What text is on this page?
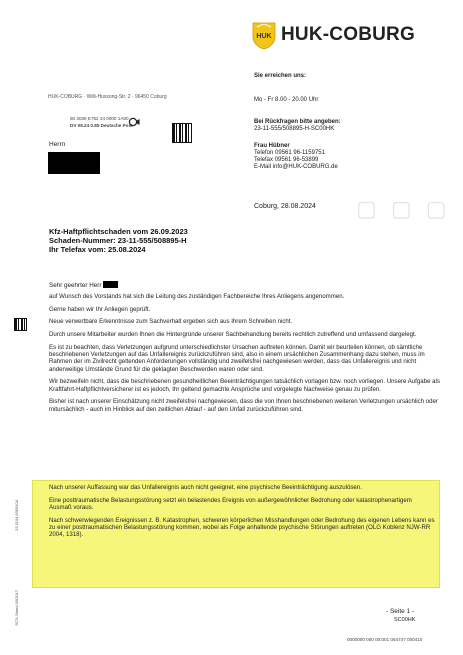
HUK HUK-COBURG
HUK-COBURG · Willi-Hussong-Str. 2 · 96450 Coburg
50 3039 E752 34 0000 1A80
DV 08.24 0.85 Deutsche Post
Herrn
Sie erreichen uns:
Mo - Fr 8.00 - 20.00 Uhr
Bei Rückfragen bitte angeben:
23-11-555/508895-H-SC00HK
Frau Hübner
Telefon 09561 96-1159751
Telefax 09561 96-53899
E-Mail info@HUK-COBURG.de
Coburg, 28.08.2024 ▢ ▢ ▢
Kfz-Haftpflichtschaden vom 26.09.2023
Schaden-Nummer: 23-11-555/508895-H
Ihr Telefax vom: 25.08.2024
Sehr geehrter Herr

auf Wunsch des Vorstands hat sich die Leitung des zuständigen Fachbereiche Ihres Anliegens angenommen.

Gerne haben wir Ihr Anliegen geprüft.

Neue verwertbare Erkenntnisse zum Sachverhalt ergeben sich aus Ihrem Schreiben nicht.

Durch unsere Mitarbeiter wurden Ihnen die Hintergründe unserer Sachbehandlung bereits rechtlich zutreffend und umfassend dargelegt.

Es ist zu beachten, dass Verletzungen aufgrund unterschiedlichster Ursachen auftreten können. Damit wir beurteilen können, ob sämtliche beschriebenen Verletzungen auf das Unfallereignis zurückzuführen sind, also in einem ursächlichen Zusammenhang dazu stehen, muss im Rahmen der im Zivilrecht geltenden Anforderungen vollständig und zweifelsfrei nachgewiesen werden, dass das Unfallereignis und nicht anderweitige Umstände Grund für die geklagten Beschwerden waren oder sind.

Wir bezweifeln nicht, dass die beschriebenen gesundheitlichen Beeinträchtigungen tatsächlich vorlagen bzw. noch vorliegen. Unsere Aufgabe als Kraftfahrt-Haftpflichtversicherer ist es jedoch, Ihr geltend gemachte Ansprüche und vorgelegte Nachweise genau zu prüfen.

Bisher ist nach unserer Einschätzung nicht zweifelsfrei nachgewiesen, dass die von Ihnen beschriebenen weiteren Verletzungen ursächlich oder mitursächlich - auch im Hinblick auf den zeitlichen Ablauf - auf den Unfall zurückzuführen sind.

Nach unserer Auffassung war das Unfallereignis auch nicht geeignet, eine psychische Beeinträchtigung auszulösen.

Eine posttraumatische Belastungsstörung setzt ein belastendes Ereignis von außergewöhnlicher Bedrohung oder katastrophenartigem Ausmaß voraus.

Nach schwerwiegenden Ereignissen z. B. Katastrophen, schweren körperlichen Misshandlungen oder Bedrohung des eigenen Lebens kann es zu einer posttraumatischen Belastungsstörung kommen, wobei als Folge anhaltende psychische Störungen auftreten (OLG Koblenz NJW-RR 2004, 1318).

23 1104 6059104
SCN Stand 30/2017	- Seite 1 -
SC00HK
0000000 000 00:001 054747 000410
